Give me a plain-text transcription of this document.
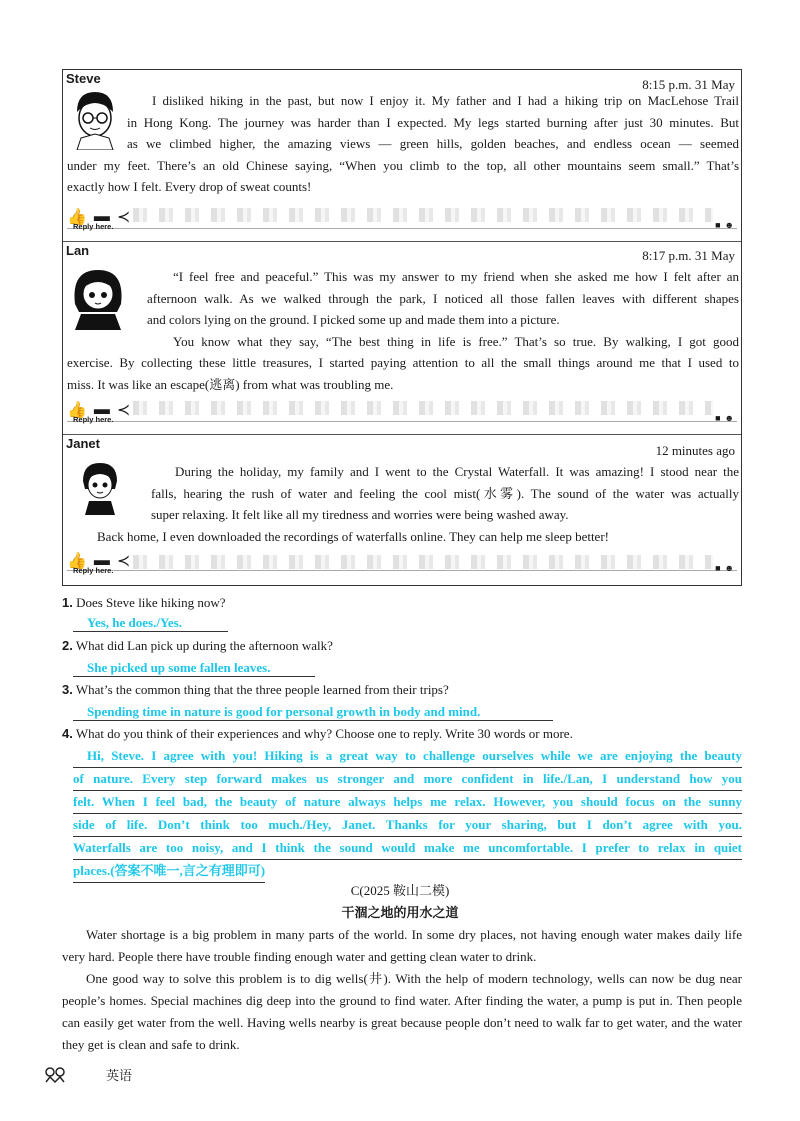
Steve	8:15 p.m. 31 May

I disliked hiking in the past, but now I enjoy it. My father and I had a hiking trip on MacLehose Trail

in Hong Kong. The journey was harder than I expected. My legs started burning after just 30 minutes. But

as we climbed higher, the amazing views — green hills, golden beaches, and endless ocean — seemed

under my feet. There’s an old Chinese saying, “When you climb to the top, all other mountains seem small.” That’s

exactly how I felt. Every drop of sweat counts!

👍 ▬ ≺
Reply here.	■ ☻
Lan	8:17 p.m. 31 May

“I feel free and peaceful.” This was my answer to my friend when she asked me how I felt after an

afternoon walk. As we walked through the park, I noticed all those fallen leaves with different shapes

and colors lying on the ground. I picked some up and made them into a picture.

You know what they say, “The best thing in life is free.” That’s so true. By walking, I got good

exercise. By collecting these little treasures, I started paying attention to all the small things around me that I used to

miss. It was like an escape(逃离) from what was troubling me.

👍 ▬ ≺
Reply here.	■ ☻
Janet	12 minutes ago

During the holiday, my family and I went to the Crystal Waterfall. It was amazing! I stood near the

falls, hearing the rush of water and feeling the cool mist(水雾). The sound of the water was actually

super relaxing. It felt like all my tiredness and worries were being washed away.

Back home, I even downloaded the recordings of waterfalls online. They can help me sleep better!

👍 ▬ ≺
Reply here.	■ ☻
1. Does Steve like hiking now?
Yes, he does./Yes.
2. What did Lan pick up during the afternoon walk?
She picked up some fallen leaves.
3. What’s the common thing that the three people learned from their trips?
Spending time in nature is good for personal growth in body and mind.
4. What do you think of their experiences and why? Choose one to reply. Write 30 words or more.
Hi, Steve. I agree with you! Hiking is a great way to challenge ourselves while we are enjoying the beauty
of nature. Every step forward makes us stronger and more confident in life./Lan, I understand how you
felt. When I feel bad, the beauty of nature always helps me relax. However, you should focus on the sunny
side of life. Don’t think too much./Hey, Janet. Thanks for your sharing, but I don’t agree with you.
Waterfalls are too noisy, and I think the sound would make me uncomfortable. I prefer to relax in quiet
places.(答案不唯一,言之有理即可)
C(2025 鞍山二模)
干涸之地的用水之道

Water shortage is a big problem in many parts of the world. In some dry places, not having enough water makes daily life very hard. People there have trouble finding enough water and getting clean water to drink.

One good way to solve this problem is to dig wells(井). With the help of modern technology, wells can now be dug near people’s homes. Special machines dig deep into the ground to find water. After finding the water, a pump is put in. Then people can easily get water from the well. Having wells nearby is great because people don’t need to walk far to get water, and the water they get is clean and safe to drink.

英语
